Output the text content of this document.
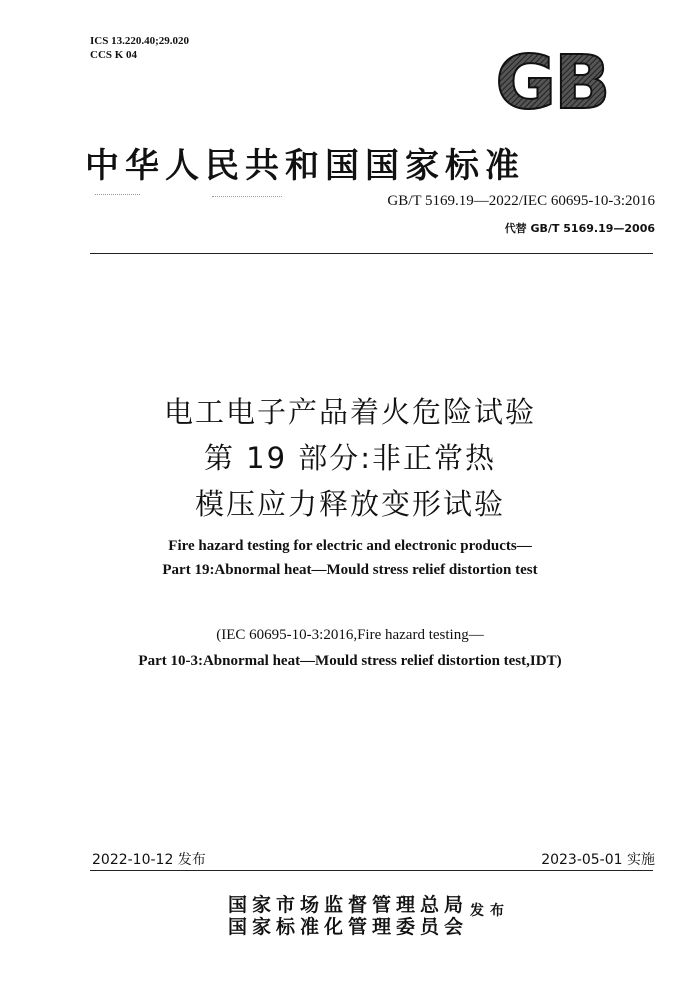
ICS 13.220.40;29.020
CCS K 04	GB
中华人民共和国国家标准
GB/T 5169.19—2022/IEC 60695-10-3:2016
代替 GB/T 5169.19—2006
电工电子产品着火危险试验
第 19 部分:非正常热
模压应力释放变形试验
Fire hazard testing for electric and electronic products—
Part 19:Abnormal heat—Mould stress relief distortion test
(IEC 60695-10-3:2016,Fire hazard testing—
Part 10-3:Abnormal heat—Mould stress relief distortion test,IDT)
2022-10-12 发布	2023-05-01 实施
国家市场监督管理总局
国家标准化管理委员会
发布
